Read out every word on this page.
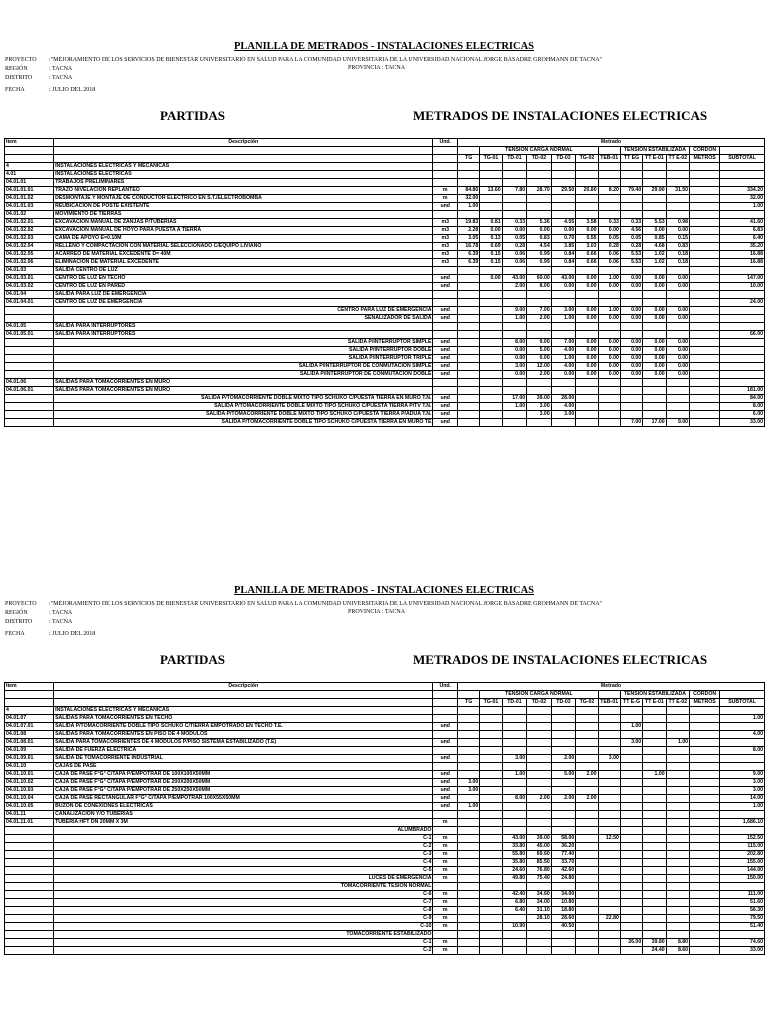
PLANILLA DE METRADOS - INSTALACIONES ELECTRICAS
PROYECTO :"MEJORAMIENTO DE LOS SERVICIOS DE BIENESTAR UNIVERSITARIO EN SALUD PARA LA COMUNIDAD UNIVERSITARIA DE LA UNIVERSIDAD NACIONAL JORGE BASADRE GROHMANN DE TACNA"
REGIÓN	: TACNA
DISTRITO	: TACNA
FECHA	: JULIO DEL 2018
PROVINCIA : TACNA
PARTIDAS	METRADOS DE INSTALACIONES ELECTRICAS
Item	Descripción	Und.	Metrado											
				TENSIÓN CARGA NORMAL						TENSION ESTABILIZADA			CORDON	
			TG	TG-01	TD-01	TD-02	TD-03	TG-02	TEB-01	TT EG	TT E-01	TT E-02	METROS	SUBTOTAL
4	INSTALACIONES ELECTRICAS Y MECANICAS													
4.01	INSTALACIONES ELECTRICAS													
04.01.01	TRABAJOS PRELIMINARES													
04.01.01.01	TRAZO NIVELACION REPLANTEO	m	84.80	13.60	7.80	28.70	29.50	20.80	8.20	79.40	29.90	31.50		334.20
04.01.01.02	DESMONTAJE Y MONTAJE DE CONDUCTOR ELECTRICO EN S.T./ELECTROBOMBA	m	32.00											32.00
04.01.01.03	REUBICACION DE POSTE EXISTENTE	und	1.00											1.00
04.01.02	MOVIMIENTO DE TIERRAS													
04.01.02.01	EXCAVACION MANUAL DE ZANJAS P/TUBERIAS	m3	19.83	0.81	0.33	5.36	4.55	3.58	0.33	0.33	5.53	0.98		41.60
04.01.02.02	EXCAVACION MANUAL DE HOYO PARA PUESTA A TIERRA	m3	2.28	0.00	0.00	0.00	0.00	0.00	0.00	4.56	0.00	0.00		6.83
04.01.02.03	CAMA DE APOYO E=0.10M	m3	3.05	0.13	0.05	0.83	0.70	0.55	0.05	0.05	0.85	0.15		6.40
04.01.02.04	RELLENO Y COMPACTACION CON MATERIAL SELECCIONADO C/EQUIPO LIVIANO	m3	16.78	0.69	0.28	4.54	3.85	3.03	0.28	0.28	4.68	0.83		35.20
04.01.02.05	ACARREO DE MATERIAL EXCEDENTE D= 40M	m3	6.39	0.15	0.06	0.99	0.84	0.66	0.06	5.53	1.02	0.18		16.88
04.01.02.06	ELIMINACION DE MATERIAL EXCEDENTE	m3	6.39	0.15	0.06	0.99	0.84	0.66	0.06	5.53	1.02	0.18		16.88
04.01.03	SALIDA CENTRO DE LUZ													
04.01.03.01	CENTRO DE LUZ EN TECHO	und		0.00	43.00	60.00	43.00	0.00	1.00	0.00	0.00	0.00		147.00
04.01.03.02	CENTRO DE LUZ EN PARED	und			2.00	8.00	0.00	0.00	0.00	0.00	0.00	0.00		10.00
04.01.04	SALIDA PARA LUZ DE EMERGENCIA													
04.01.04.01	CENTRO DE LUZ DE EMERGENCIA													24.00
	CENTRO PARA LUZ DE EMERGENCIA	und			9.00	7.00	3.00	0.00	1.00	0.00	0.00	0.00		
	SEÑALIZADOR DE SALIDA	und			1.00	2.00	1.00	0.00	0.00	0.00	0.00	0.00		
04.01.05	SALIDA PARA INTERRUPTORES													
04.01.05.01	SALIDA PARA INTERRUPTORES													66.00
	SALIDA P/INTERRUPTOR SIMPLE	und			8.00	9.00	7.00	0.00	0.00	0.00	0.00	0.00		
	SALIDA P/INTERRUPTOR DOBLE	und			0.00	5.00	4.00	0.00	0.00	0.00	0.00	0.00		
	SALIDA P/INTERRUPTOR TRIPLE	und			0.00	0.00	1.00	0.00	0.00	0.00	0.00	0.00		
	SALIDA P/INTERRUPTOR DE CONMUTACION SIMPLE	und			3.00	12.00	4.00	0.00	0.00	0.00	0.00	0.00		
	SALIDA P/INTERRUPTOR DE CONMUTACION DOBLE	und			0.00	2.00	0.00	0.00	0.00	0.00	0.00	0.00		
04.01.06	SALIDAS PARA TOMACORRIENTES EN MURO													
04.01.06.01	SALIDAS PARA TOMACORRIENTES EN MURO													181.00
	SALIDA P/TOMACORRIENTE DOBLE MIXTO TIPO SCHUKO C/PUESTA TIERRA EN MURO T.N.	und			17.00	39.00	28.00							84.00
	SALIDA P/TOMACORRIENTE DOBLE MIXTO TIPO SCHUKO C/PUESTA TIERRA P/TV T.N.	und			1.00	3.00	4.00							8.00
	SALIDA P/TOMACORRIENTE DOBLE MIXTO TIPO SCHUKO C/PUESTA TIERRA P/ADUA T.N.	und				3.00	3.00							6.00
	SALIDA P/TOMACORRIENTE DOBLE TIPO SCHUKO C/PUESTA TIERRA EN MURO TE	und								7.00	17.00	9.00		33.00
PLANILLA DE METRADOS - INSTALACIONES ELECTRICAS
PROYECTO :"MEJORAMIENTO DE LOS SERVICIOS DE BIENESTAR UNIVERSITARIO EN SALUD PARA LA COMUNIDAD UNIVERSITARIA DE LA UNIVERSIDAD NACIONAL JORGE BASADRE GROHMANN DE TACNA"
REGIÓN	: TACNA
DISTRITO	: TACNA
FECHA	: JULIO DEL 2018
PROVINCIA : TACNA
PARTIDAS	METRADOS DE INSTALACIONES ELECTRICAS
Item	Descripción	Und.	Metrado											
				TENSIÓN CARGA NORMAL						TENSION ESTABILIZADA			CORDON	
			TG	TG-01	TD-01	TD-02	TD-03	TG-02	TEB-01	TT E-G	TT E-01	TT E-02	METROS	SUBTOTAL
4	INSTALACIONES ELECTRICAS Y MECANICAS													
04.01.07	SALIDAS PARA TOMACORRIENTES EN TECHO													1.00
04.01.07.01	SALIDA P/TOMACORRIENTE DOBLE TIPO SCHUKO C/TIERRA EMPOTRADO EN TECHO T.E.	und								1.00				
04.01.08	SALIDAS PARA TOMACORRIENTES EN PISO DE 4 MODULOS													4.00
04.01.08.01	SALIDA PARA TOMACORRIENTES DE 4 MODULOS P/PISO SISTEMA ESTABILIZADO (T.E)	und								3.00		1.00		
04.01.09	SALIDA DE FUERZA ELECTRICA													8.00
04.01.09.01	SALIDA DE TOMACORRIENTE INDUSTRIAL	und			3.00		2.00		3.00					
04.01.10	CAJAS DE PASE													
04.01.10.01	CAJA DE PASE F°G° C/TAPA P/EMPOTRAR DE 100X100X50MM	und			1.00		5.00	2.00			1.00			9.00
04.01.10.02	CAJA DE PASE F°G° C/TAPA P/EMPOTRAR DE 200X200X50MM	und	3.00											3.00
04.01.10.03	CAJA DE PASE F°G° C/TAPA P/EMPOTRAR DE 250X250X50MM	und	3.00											3.00
04.01.10.04	CAJA DE PASE RECTANGULAR F°G° C/TAPA P/EMPOTRAR 100X55X50MM	und			8.00	2.00	2.00	2.00						14.00
04.01.10.05	BUZÓN DE CONEXIONES ELÉCTRICAS	und	1.00											1.00
04.01.11	CANALIZACION Y/O TUBERIAS													
04.01.11.01	TUBERIA HFT DN 20MM X 3M	m												1,686.10
	ALUMBRADO													
	C-1	m			43.00	39.00	58.00		12.50					152.50
	C-2	m			33.80	45.00	36.20							115.00
	C-3	m			55.80	69.60	77.40							202.80
	C-4	m			35.80	85.50	33.70							155.00
	C-5	m			24.60	76.80	42.60							144.00
	LUCES DE EMERGENCIA	m			49.80	75.40	24.80							150.00
	TOMACORRIENTE TESION NORMAL													
	C-6	m			42.40	34.60	34.00							111.00
	C-7	m			6.80	34.00	10.80							51.60
	C-8	m			6.40	31.10	18.80							56.30
	C-9	m				28.10	28.60		22.80					79.50
	C-10	m			10.90		40.50							51.40
	TOMACORRIENTE ESTABILIZADO													
	C-1	m								26.00	39.80	8.80		74.60
	C-2	m									24.40	8.60		33.00
